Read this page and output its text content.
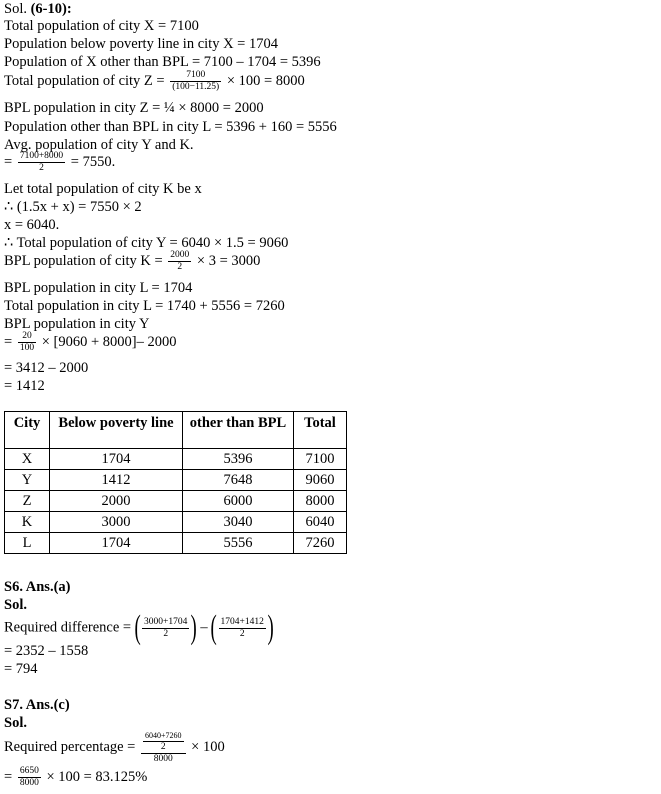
Sol. (6-10):
Total population of city X = 7100
Population below poverty line in city X = 1704
Population of X other than BPL = 7100 – 1704 = 5396
Total population of city $Z = \frac{7100}{(100-11.25)} \times 100 = 8000$
BPL population in city Z = ¼ × 8000 = 2000
Population other than BPL in city L = 5396 + 160 = 5556
Avg. population of city Y and K.
= $\frac{7100+8000}{2} = 7550$.
Let total population of city K be x
∴ (1.5x + x) = 7550 × 2
x = 6040.
∴ Total population of city Y = 6040 × 1.5 = 9060
BPL population of city $K = \frac{2000}{2} \times 3 = 3000$
BPL population in city L = 1704
Total population in city L = 1740 + 5556 = 7260
BPL population in city Y
= $\frac{20}{100} \times [9060 + 8000]-$ 2000
= 3412 – 2000
= 1412
City	Below poverty line	other than BPL	Total
X	1704	5396	7100
Y	1412	7648	9060
Z	2000	6000	8000
K	3000	3040	6040
L	1704	5556	7260
S6. Ans.(a)
Sol.
Required difference = ( $\frac{3000+1704}{2}$ ) – ( $\frac{1704+1412}{2}$ )
= 2352 – 1558
= 794
S7. Ans.(c)
Sol.
Required percentage = $\frac{\frac{6040+7260}{2}}{8000} \times 100$
= $\frac{6650}{8000} \times 100 = 83.125\%$
